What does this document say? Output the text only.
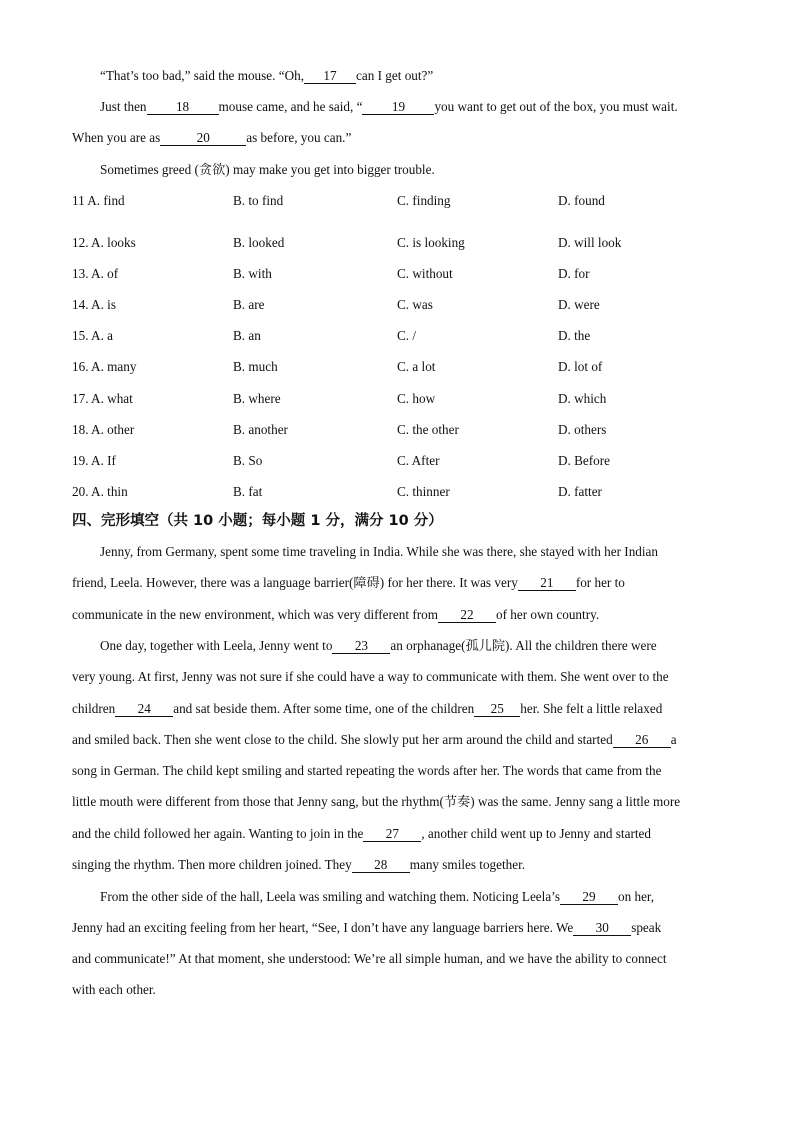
“That’s too bad,” said the mouse. “Oh, 17 can I get out?”

Just then 18 mouse came, and he said, “ 19 you want to get out of the box, you must wait.

When you are as	20	as before, you can.”

Sometimes greed (贪欲) may make you get into bigger trouble.

11 A. find	B. to find	C. finding	D. found
12. A. looks	B. looked	C. is looking	D. will look
13. A. of	B. with	C. without	D. for
14. A. is	B. are	C. was	D. were
15. A. a	B. an	C. /	D. the
16. A. many	B. much	C. a lot	D. lot of
17. A. what	B. where	C. how	D. which
18. A. other	B. another	C. the other	D. others
19. A. If	B. So	C. After	D. Before
20. A. thin	B. fat	C. thinner	D. fatter
四、完形填空（共 10 小题；每小题 1 分，满分 10 分）

Jenny, from Germany, spent some time traveling in India. While she was there, she stayed with her Indian

friend, Leela. However, there was a language barrier(障碍) for her there. It was very 21 for her to

communicate in the new environment, which was very different from 22 of her own country.

One day, together with Leela, Jenny went to 23 an orphanage(孤儿院). All the children there were

very young. At first, Jenny was not sure if she could have a way to communicate with them. She went over to the

children 24 and sat beside them. After some time, one of the children 25 her. She felt a little relaxed

and smiled back. Then she went close to the child. She slowly put her arm around the child and started 26 a

song in German. The child kept smiling and started repeating the words after her. The words that came from the

little mouth were different from those that Jenny sang, but the rhythm(节奏) was the same. Jenny sang a little more

and the child followed her again. Wanting to join in the 27 , another child went up to Jenny and started

singing the rhythm. Then more children joined. They 28 many smiles together.

From the other side of the hall, Leela was smiling and watching them. Noticing Leela’s 29 on her,

Jenny had an exciting feeling from her heart, “See, I don’t have any language barriers here. We 30 speak

and communicate!” At that moment, she understood: We’re all simple human, and we have the ability to connect

with each other.
